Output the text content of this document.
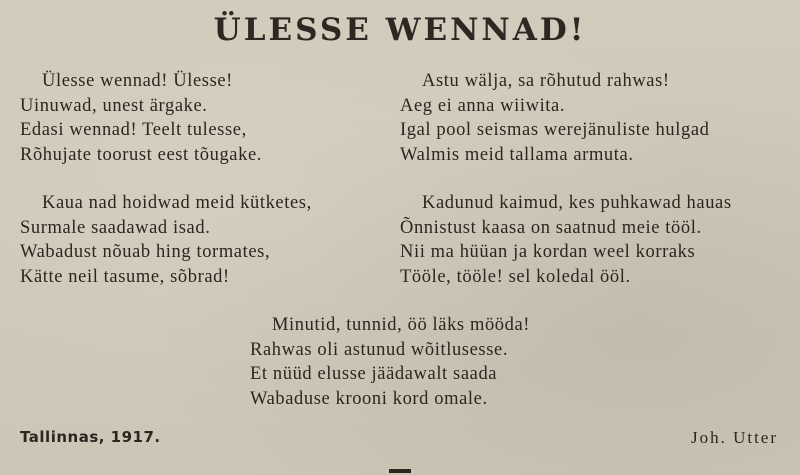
ÜLESSE WENNAD!
Ülesse wennad! Ülesse!
Uinuwad, unest ärgake.
Edasi wennad! Teelt tulesse,
Rõhujate toorust eest tõugake.
Kaua nad hoidwad meid kütketes,
Surmale saadawad isad.
Wabadust nõuab hing tormates,
Kätte neil tasume, sõbrad!
Astu wälja, sa rõhutud rahwas!
Aeg ei anna wiiwita.
Igal pool seismas werejänuliste hulgad
Walmis meid tallama armuta.
Kadunud kaimud, kes puhkawad hauas
Õnnistust kaasa on saatnud meie tööl.
Nii ma hüüan ja kordan weel korraks
Tööle, tööle! sel koledal ööl.
Minutid, tunnid, öö läks mööda!
Rahwas oli astunud wõitlusesse.
Et nüüd elusse jäädawalt saada
Wabaduse krooni kord omale.
Tallinnas, 1917.	Joh. Utter
